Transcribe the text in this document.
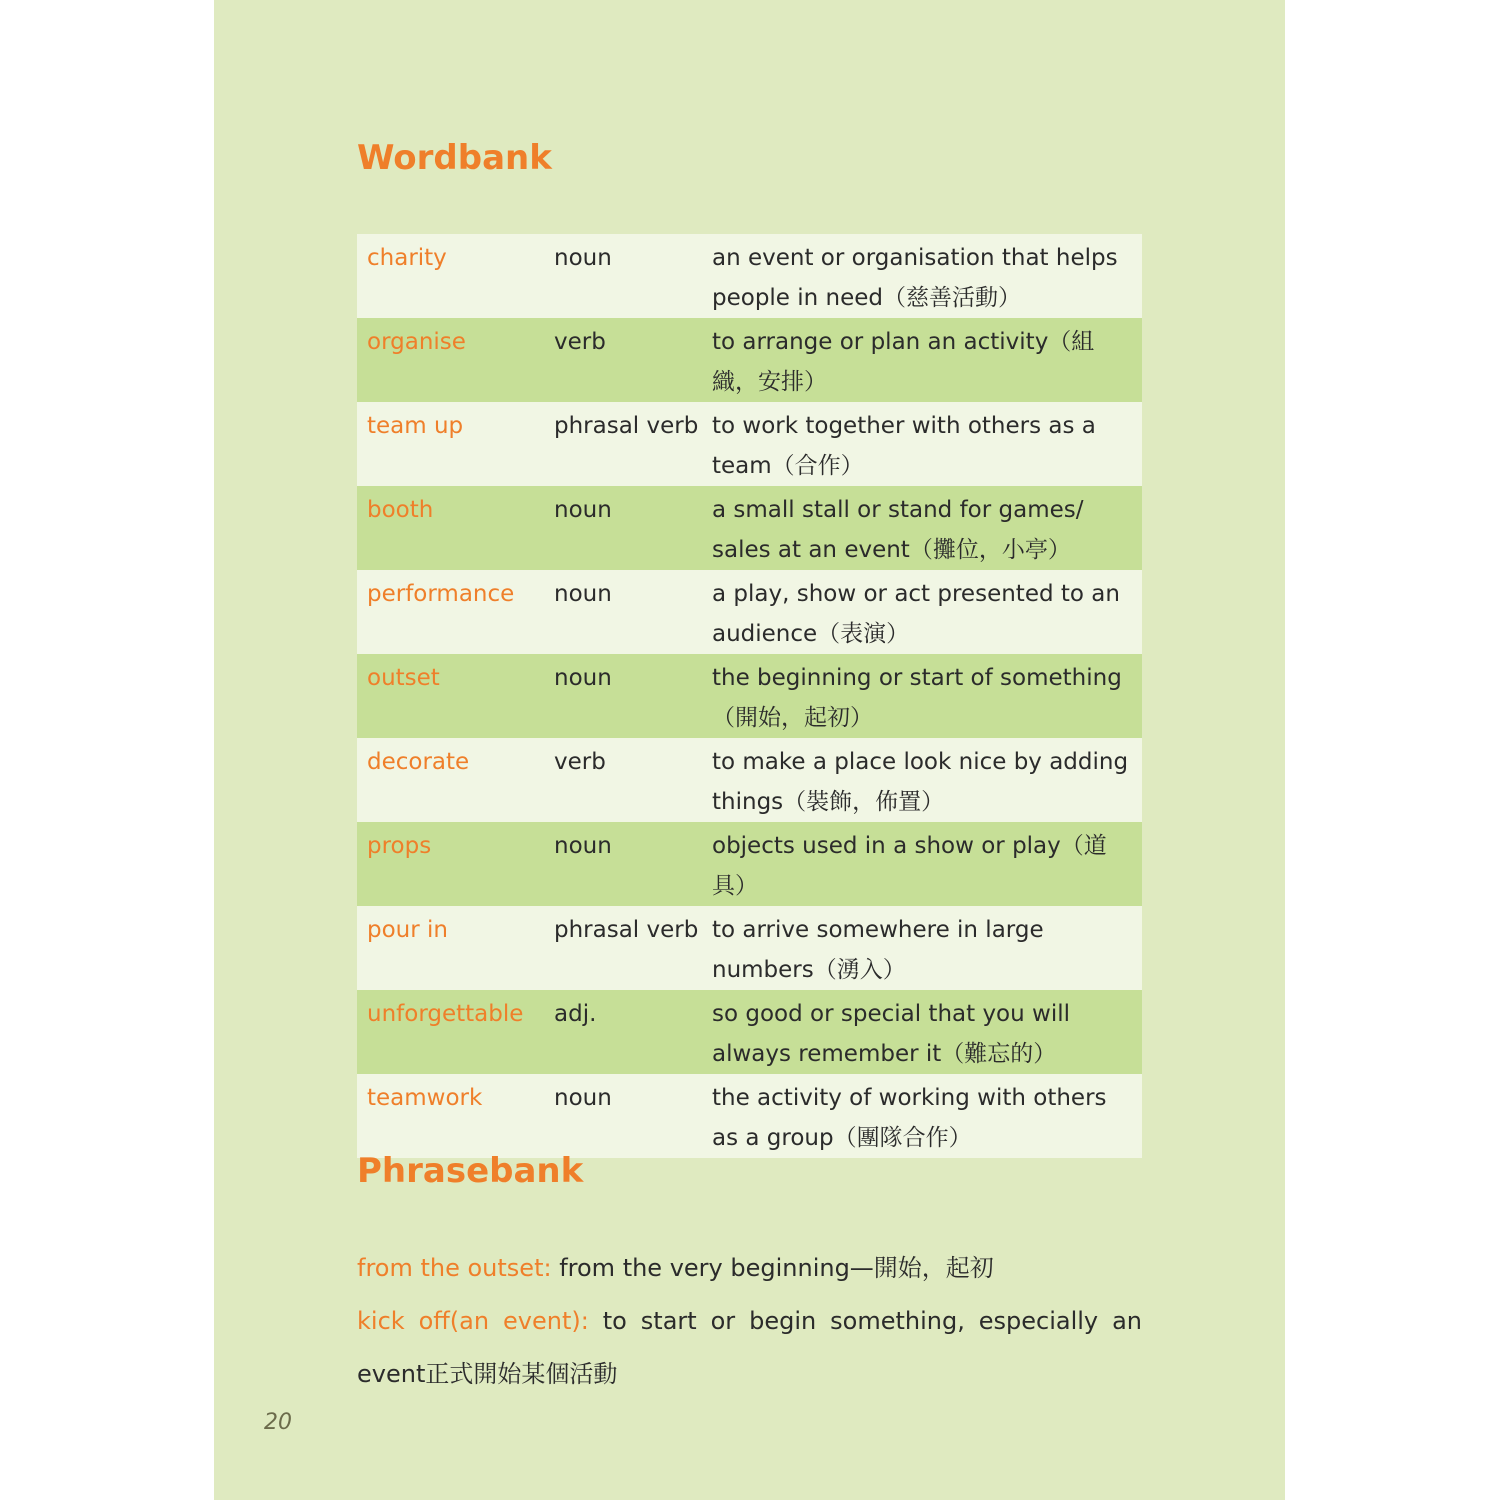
Wordbank
charity	noun	an event or organisation that helps people in need（慈善活動）
organise	verb	to arrange or plan an activity（組織，安排）
team up	phrasal verb	to work together with others as a team（合作）
booth	noun	a small stall or stand for games/ sales at an event（攤位，小亭）
performance	noun	a play, show or act presented to an audience（表演）
outset	noun	the beginning or start of something（開始，起初）
decorate	verb	to make a place look nice by adding things（裝飾，佈置）
props	noun	objects used in a show or play（道具）
pour in	phrasal verb	to arrive somewhere in large numbers（湧入）
unforgettable	adj.	so good or special that you will always remember it（難忘的）
teamwork	noun	the activity of working with others as a group（團隊合作）
Phrasebank

from the outset: from the very beginning—開始，起初

kick off(an event): to start or begin something, especially an event正式開始某個活動

20
